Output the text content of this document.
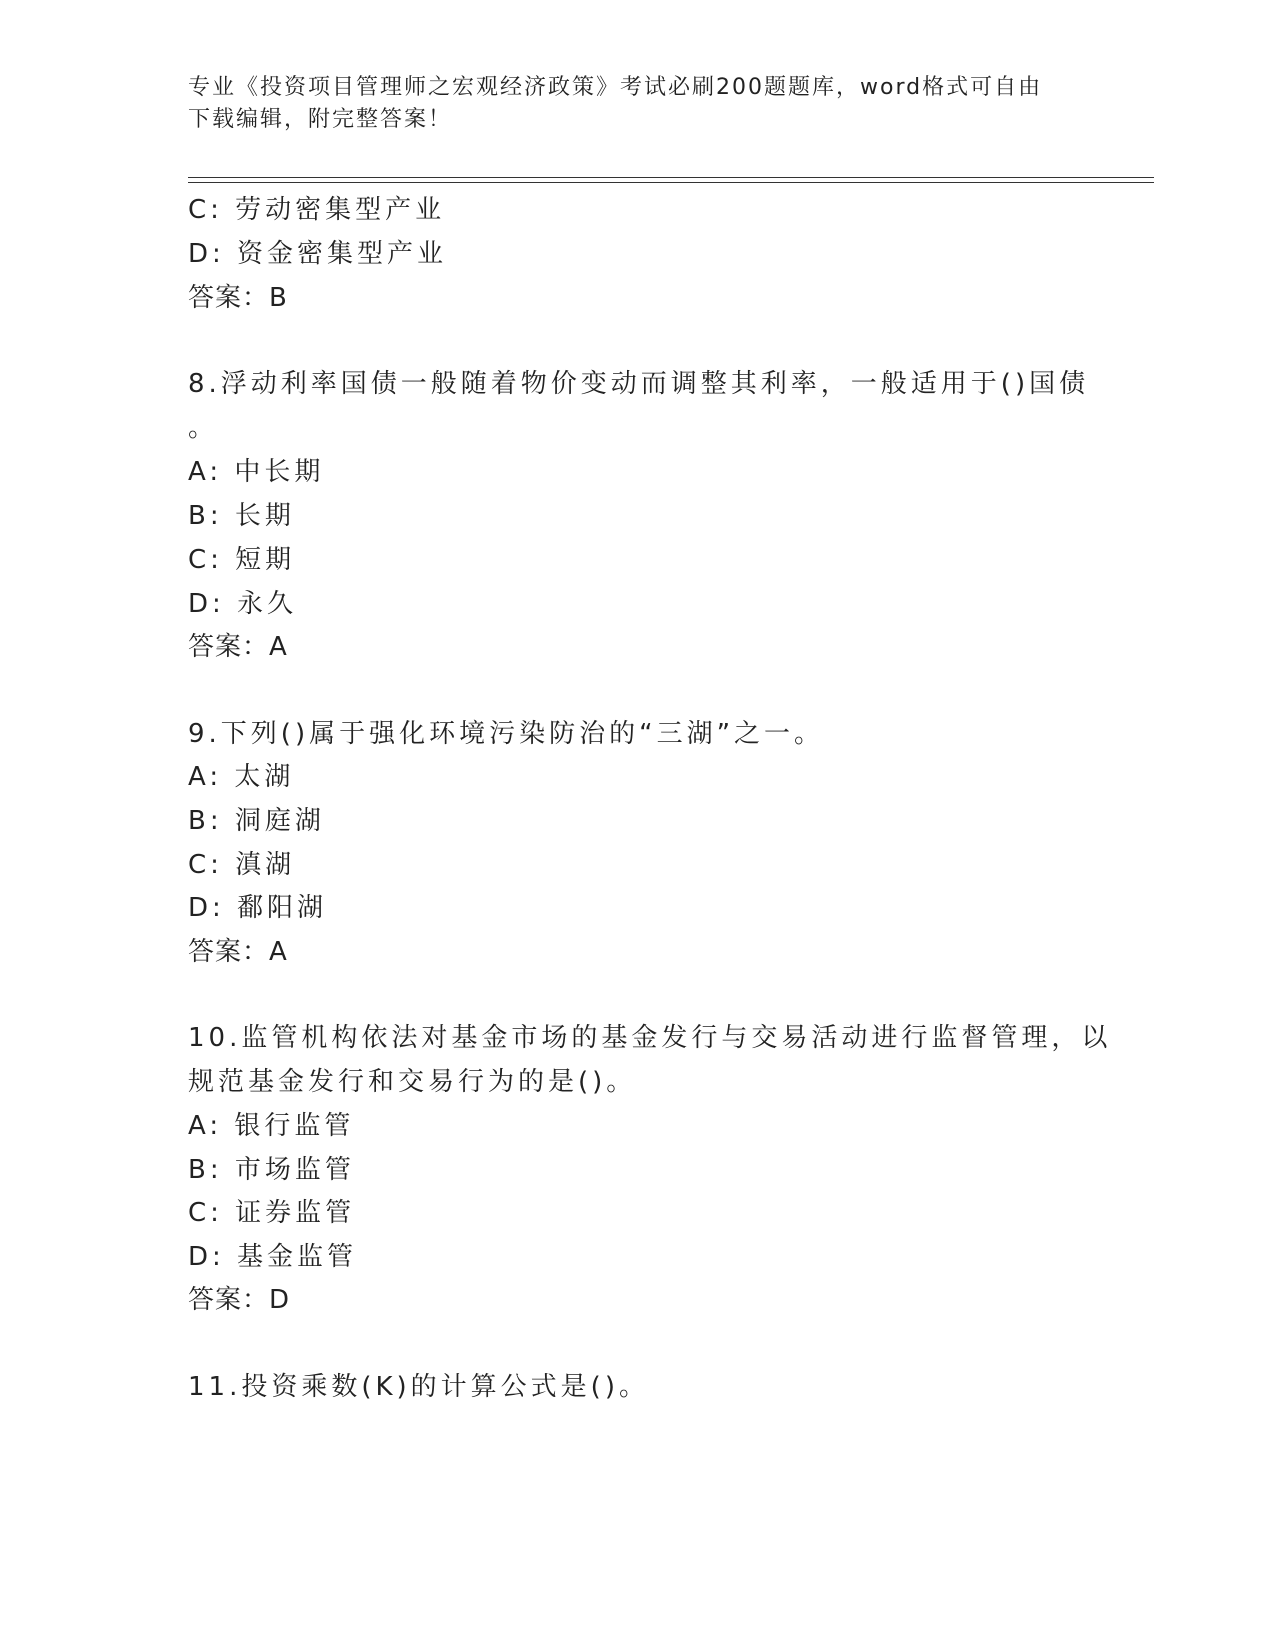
专业《投资项目管理师之宏观经济政策》考试必刷200题题库，word格式可自由
下载编辑，附完整答案！
C: 劳动密集型产业
D: 资金密集型产业
答案：B
8.浮动利率国债一般随着物价变动而调整其利率，一般适用于()国债
。
A: 中长期
B: 长期
C: 短期
D: 永久
答案：A
9.下列()属于强化环境污染防治的“三湖”之一。
A: 太湖
B: 洞庭湖
C: 滇湖
D: 鄱阳湖
答案：A
10.监管机构依法对基金市场的基金发行与交易活动进行监督管理，以
规范基金发行和交易行为的是()。
A: 银行监管
B: 市场监管
C: 证券监管
D: 基金监管
答案：D
11.投资乘数(K)的计算公式是()。
